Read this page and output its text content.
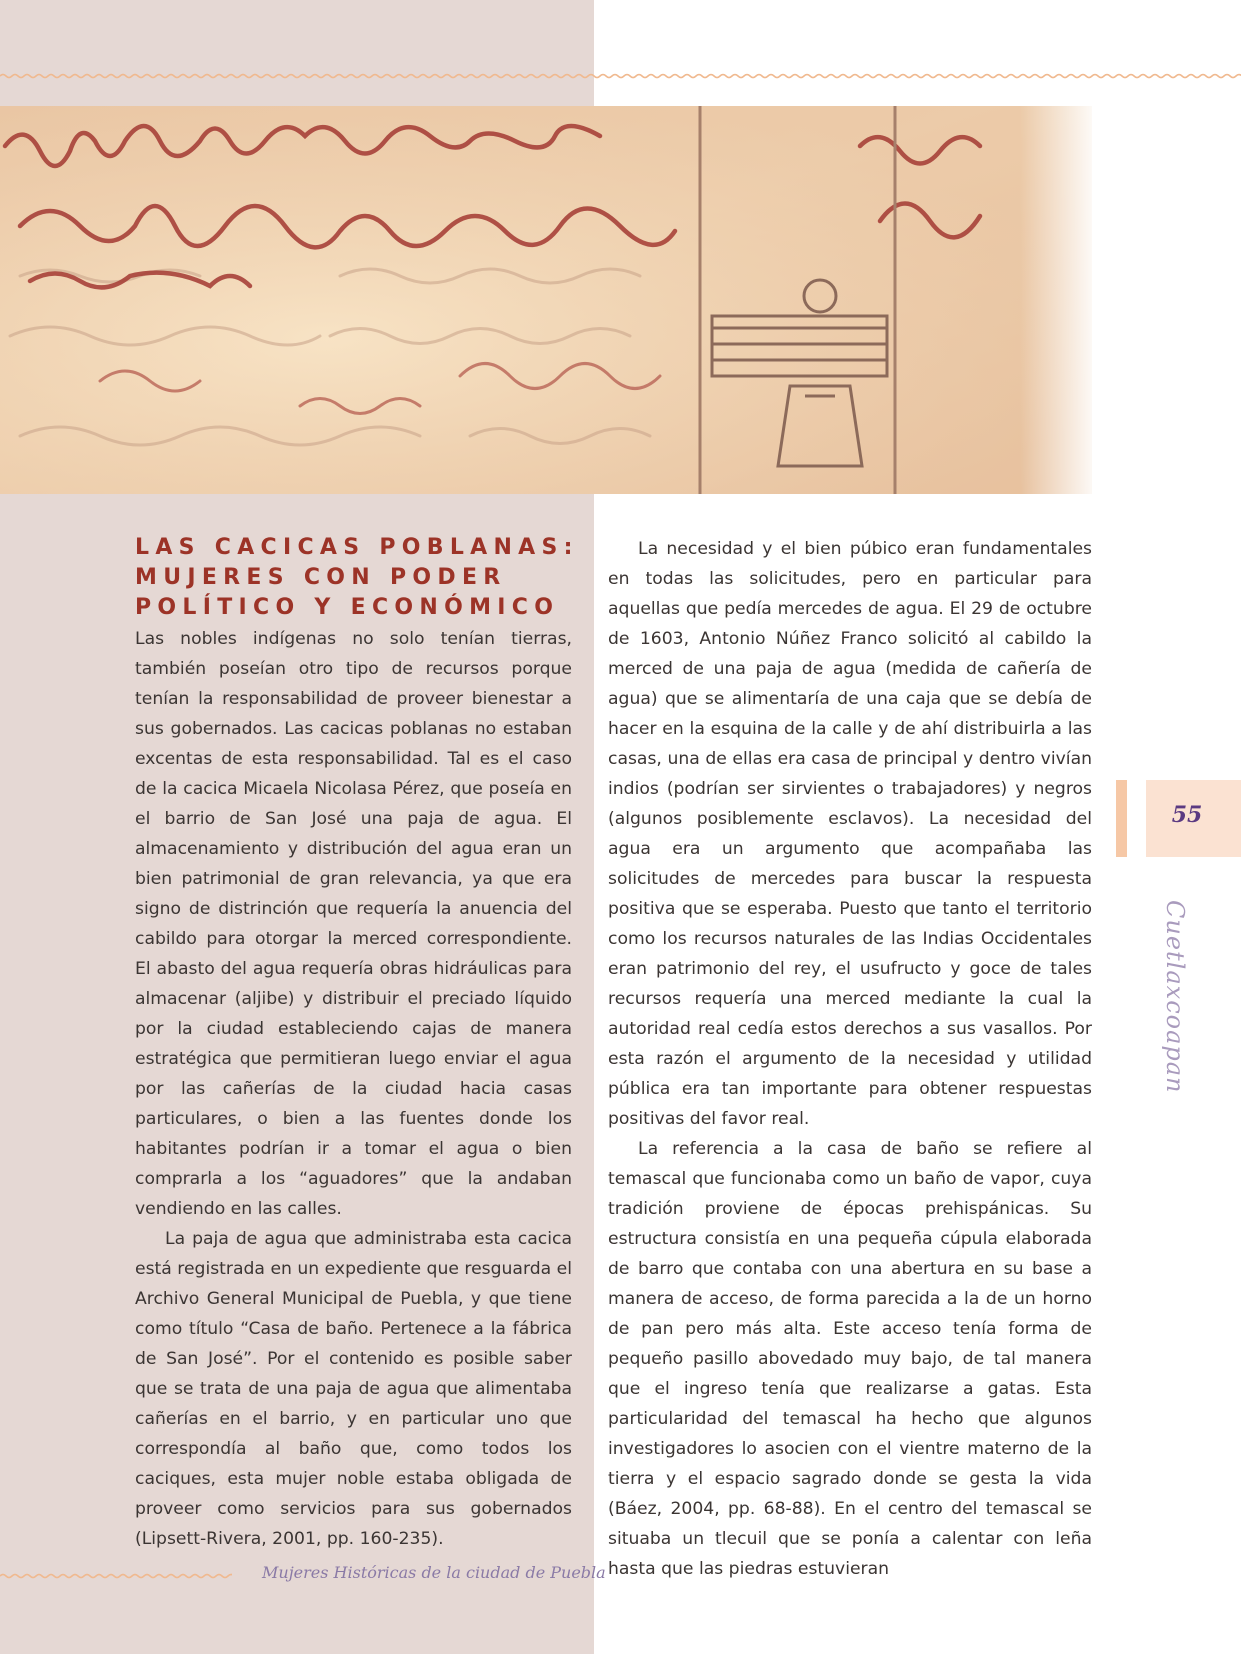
LAS CACICAS POBLANAS:
MUJERES CON PODER
POLÍTICO Y ECONÓMICO

Las nobles indígenas no solo tenían tierras, también poseían otro tipo de recursos porque tenían la responsabilidad de proveer bienestar a sus gobernados. Las cacicas poblanas no estaban excentas de esta responsabilidad. Tal es el caso de la cacica Micaela Nicolasa Pérez, que poseía en el barrio de San José una paja de agua. El almacenamiento y distribución del agua eran un bien patrimonial de gran relevancia, ya que era signo de distrinción que requería la anuencia del cabildo para otorgar la merced correspondiente. El abasto del agua requería obras hidráulicas para almacenar (aljibe) y distribuir el preciado líquido por la ciudad estableciendo cajas de manera estratégica que permitieran luego enviar el agua por las cañerías de la ciudad hacia casas particulares, o bien a las fuentes donde los habitantes podrían ir a tomar el agua o bien comprarla a los “aguadores” que la andaban vendiendo en las calles.

La paja de agua que administraba esta cacica está registrada en un expediente que resguarda el Archivo General Municipal de Puebla, y que tiene como título “Casa de baño. Pertenece a la fábrica de San José”. Por el contenido es posible saber que se trata de una paja de agua que alimentaba cañerías en el barrio, y en particular uno que correspondía al baño que, como todos los caciques, esta mujer noble estaba obligada de proveer como servicios para sus gobernados (Lipsett-Rivera, 2001, pp. 160-235).

La necesidad y el bien púbico eran fundamentales en todas las solicitudes, pero en particular para aquellas que pedía mercedes de agua. El 29 de octubre de 1603, Antonio Núñez Franco solicitó al cabildo la merced de una paja de agua (medida de cañería de agua) que se alimentaría de una caja que se debía de hacer en la esquina de la calle y de ahí distribuirla a las casas, una de ellas era casa de principal y dentro vivían indios (podrían ser sirvientes o trabajadores) y negros (algunos posiblemente esclavos). La necesidad del agua era un argumento que acompañaba las solicitudes de mercedes para buscar la respuesta positiva que se esperaba. Puesto que tanto el territorio como los recursos naturales de las Indias Occidentales eran patrimonio del rey, el usufructo y goce de tales recursos requería una merced mediante la cual la autoridad real cedía estos derechos a sus vasallos. Por esta razón el argumento de la necesidad y utilidad pública era tan importante para obtener respuestas positivas del favor real.

La referencia a la casa de baño se refiere al temascal que funcionaba como un baño de vapor, cuya tradición proviene de épocas prehispánicas. Su estructura consistía en una pequeña cúpula elaborada de barro que contaba con una abertura en su base a manera de acceso, de forma parecida a la de un horno de pan pero más alta. Este acceso tenía forma de pequeño pasillo abovedado muy bajo, de tal manera que el ingreso tenía que realizarse a gatas. Esta particularidad del temascal ha hecho que algunos investigadores lo asocien con el vientre materno de la tierra y el espacio sagrado donde se gesta la vida (Báez, 2004, pp. 68-88). En el centro del temascal se situaba un tlecuil que se ponía a calentar con leña hasta que las piedras estuvieran

55
Cuetlaxcoapan
Mujeres Históricas de la ciudad de Puebla
